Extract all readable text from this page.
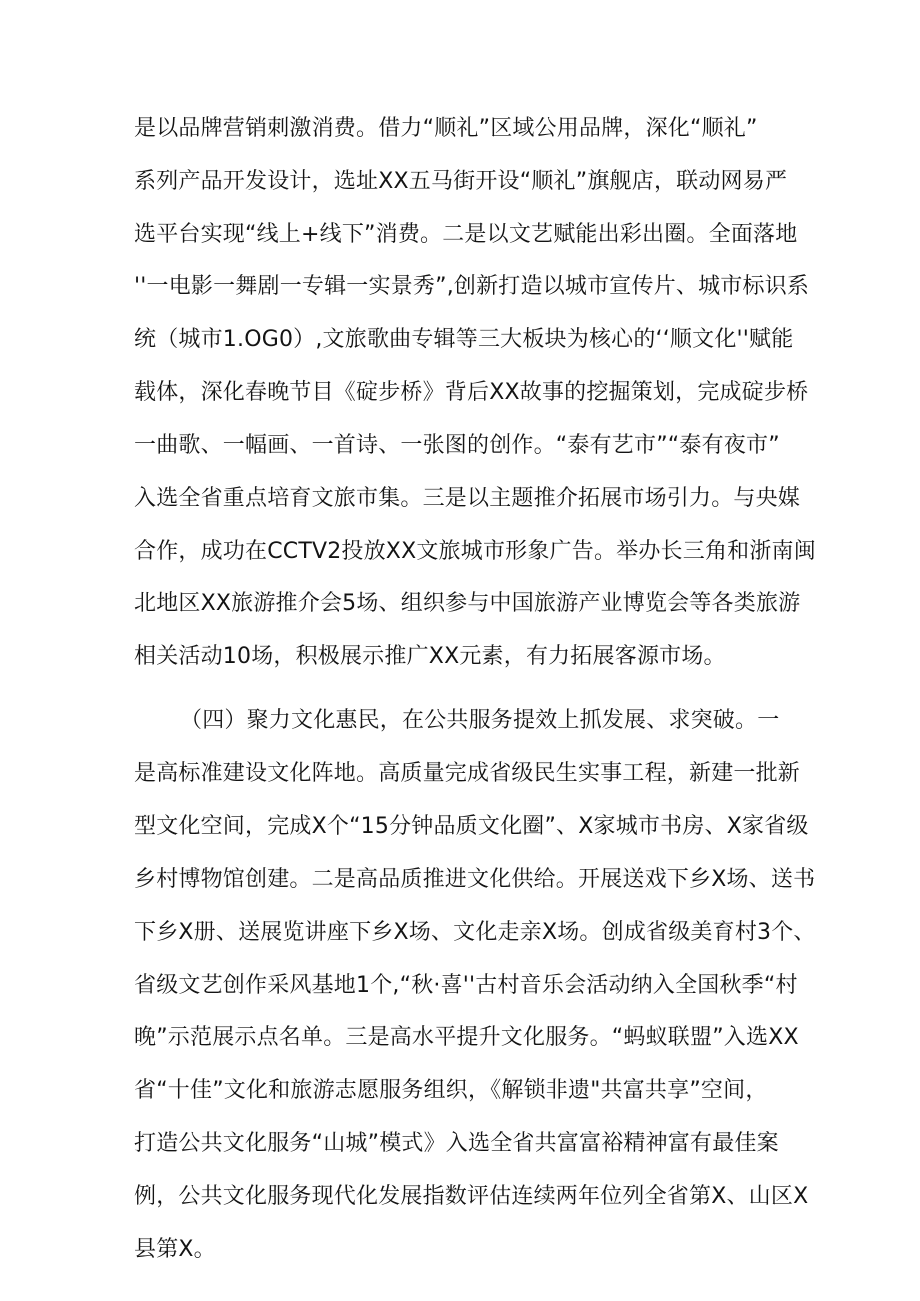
是以品牌营销刺激消费。借力“顺礼”区域公用品牌，深化“顺礼”

系列产品开发设计，选址XX五马街开设“顺礼”旗舰店，联动网易严

选平台实现“线上+线下”消费。二是以文艺赋能出彩出圈。全面落地

''一电影一舞剧一专辑一实景秀”,创新打造以城市宣传片、城市标识系

统（城市1.OG0）,文旅歌曲专辑等三大板块为核心的‘‘顺文化''赋能

载体，深化春晚节目《碇步桥》背后XX故事的挖掘策划，完成碇步桥

一曲歌、一幅画、一首诗、一张图的创作。“泰有艺市”“泰有夜市”

入选全省重点培育文旅市集。三是以主题推介拓展市场引力。与央媒

合作，成功在CCTV2投放XX文旅城市形象广告。举办长三角和浙南闽

北地区XX旅游推介会5场、组织参与中国旅游产业博览会等各类旅游

相关活动10场，积极展示推广XX元素，有力拓展客源市场。

（四）聚力文化惠民，在公共服务提效上抓发展、求突破。一

是高标准建设文化阵地。高质量完成省级民生实事工程，新建一批新

型文化空间，完成X个“15分钟品质文化圈”、X家城市书房、X家省级

乡村博物馆创建。二是高品质推进文化供给。开展送戏下乡X场、送书

下乡X册、送展览讲座下乡X场、文化走亲X场。创成省级美育村3个、

省级文艺创作采风基地1个,“秋·喜''古村音乐会活动纳入全国秋季“村

晚”示范展示点名单。三是高水平提升文化服务。“蚂蚁联盟”入选XX

省“十佳”文化和旅游志愿服务组织，《解锁非遗"共富共享”空间，

打造公共文化服务“山城”模式》入选全省共富富裕精神富有最佳案

例，公共文化服务现代化发展指数评估连续两年位列全省第X、山区X

县第X。
